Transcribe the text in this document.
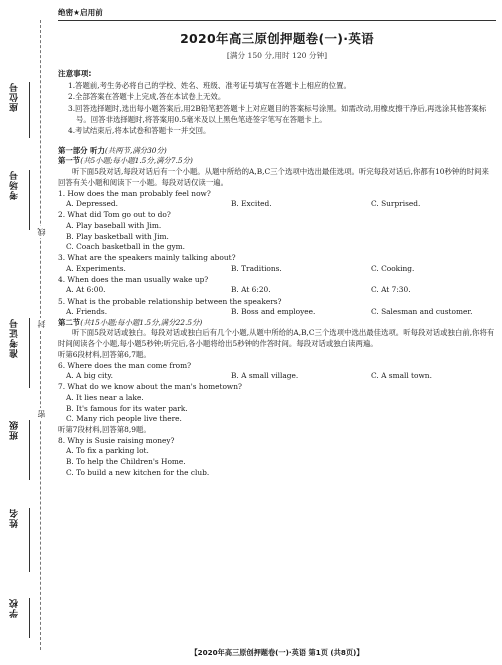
座位号
考场号
准考证号
班级
姓名
学校
线
封
密
绝密★启用前
2020年高三原创押题卷(一)·英语
[满分 150 分,用时 120 分钟]
注意事项:
1.答题前,考生务必将自己的学校、姓名、班级、准考证号填写在答题卡上相应的位置。
2.全部答案在答题卡上完成,答在本试卷上无效。
3.回答选择题时,选出每小题答案后,用2B铅笔把答题卡上对应题目的答案标号涂黑。如需改动,用橡皮擦干净后,再选涂其他答案标号。回答非选择题时,将答案用0.5毫米及以上黑色笔迹签字笔写在答题卡上。
4.考试结束后,将本试卷和答题卡一并交回。
第一部分 听力(共两节,满分30分)
第一节(共5小题;每小题1.5分,满分7.5分)
听下面5段对话,每段对话后有一个小题。从题中所给的A,B,C三个选项中选出最佳选项。听完每段对话后,你都有10秒钟的时间来回答有关小题和阅读下一小题。每段对话仅读一遍。
1. How does the man probably feel now?
A. Depressed.	B. Excited.	C. Surprised.
2. What did Tom go out to do?
A. Play baseball with Jim.
B. Play basketball with Jim.
C. Coach basketball in the gym.
3. What are the speakers mainly talking about?
A. Experiments.	B. Traditions.	C. Cooking.
4. When does the man usually wake up?
A. At 6:00.	B. At 6:20.	C. At 7:30.
5. What is the probable relationship between the speakers?
A. Friends.	B. Boss and employee.	C. Salesman and customer.
第二节(共15小题;每小题1.5分,满分22.5分)
听下面5段对话或独白。每段对话或独白后有几个小题,从题中所给的A,B,C三个选项中选出最佳选项。听每段对话或独白前,你将有时间阅读各个小题,每小题5秒钟;听完后,各小题将给出5秒钟的作答时间。每段对话或独白读两遍。
听第6段材料,回答第6,7题。
6. Where does the man come from?
A. A big city.	B. A small village.	C. A small town.
7. What do we know about the man's hometown?
A. It lies near a lake.
B. It's famous for its water park.
C. Many rich people live there.
听第7段材料,回答第8,9题。
8. Why is Susie raising money?
A. To fix a parking lot.
B. To help the Children's Home.
C. To build a new kitchen for the club.
【2020年高三原创押题卷(一)·英语 第1页 (共8页)】
